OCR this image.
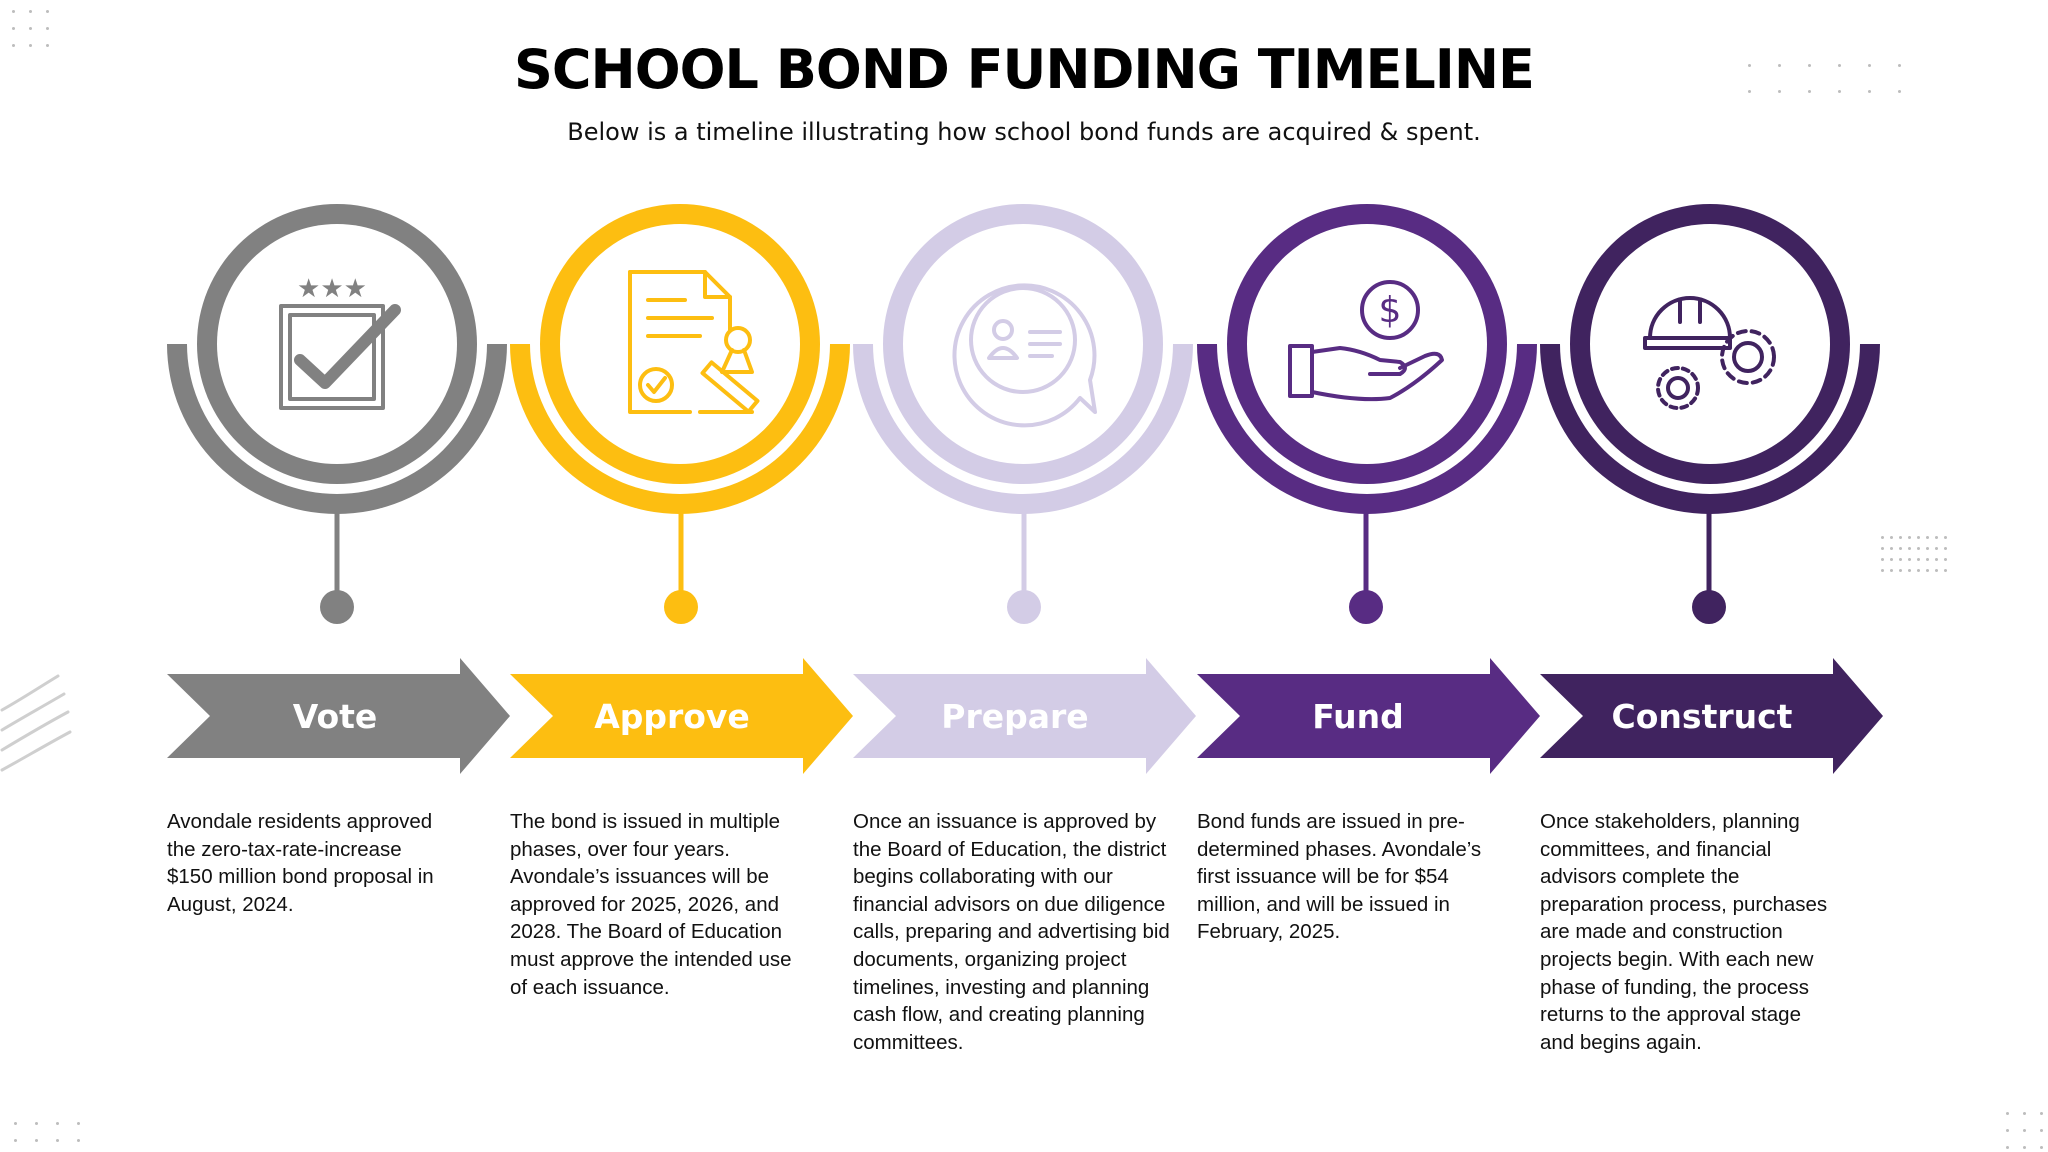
SCHOOL BOND FUNDING TIMELINE
Below is a timeline illustrating how school bond funds are acquired & spent.
Vote
★★★
Approve	Prepare	Fund
$
Construct
Avondale residents approved the zero-tax-rate-increase $150 million bond proposal in August, 2024.
The bond is issued in multiple phases, over four years. Avondale’s issuances will be approved for 2025, 2026, and 2028. The Board of Education must approve the intended use of each issuance.
Once an issuance is approved by the Board of Education, the district begins collaborating with our financial advisors on due diligence calls, preparing and advertising bid documents, organizing project timelines, investing and planning cash flow, and creating planning committees.
Bond funds are issued in pre-determined phases. Avondale’s first issuance will be for $54 million, and will be issued in February, 2025.
Once stakeholders, planning committees, and financial advisors complete the preparation process, purchases are made and construction projects begin. With each new phase of funding, the process returns to the approval stage and begins again.
